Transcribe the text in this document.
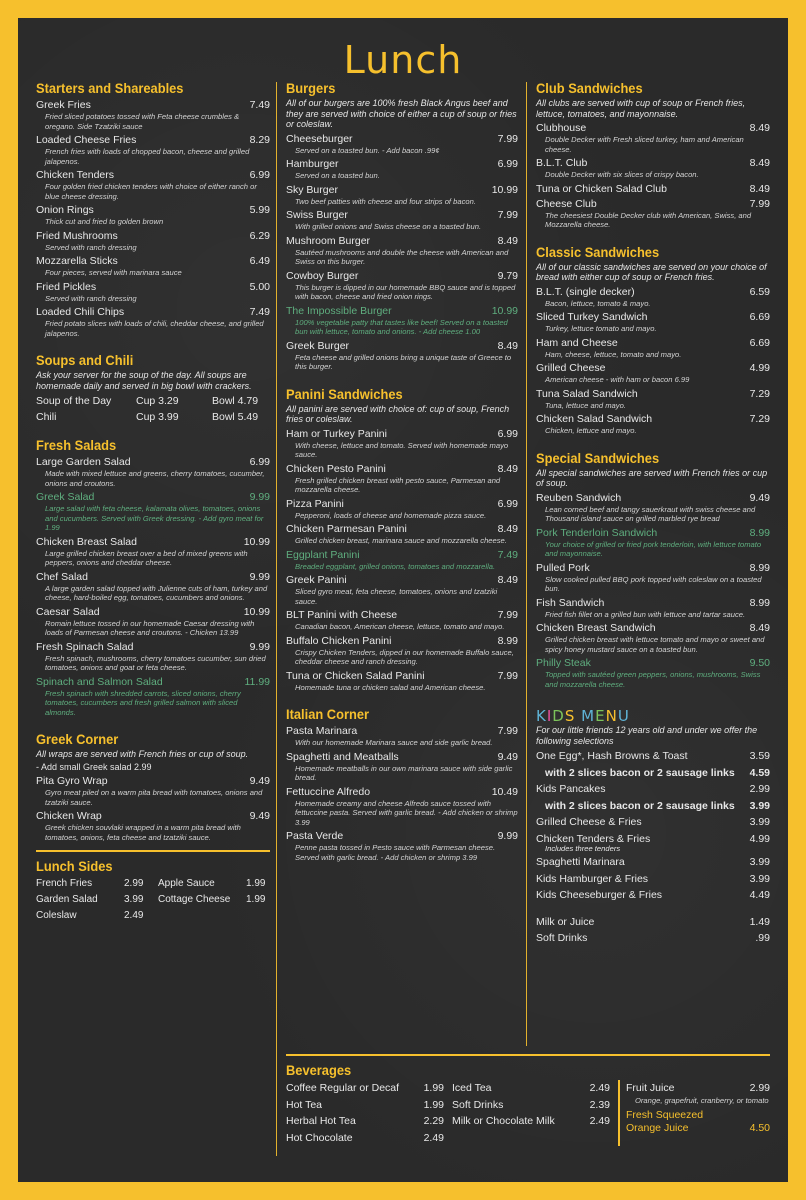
Lunch
Starters and Shareables
Greek Fries	7.49
Fried sliced potatoes tossed with Feta cheese crumbles & oregano. Side Tzatziki sauce
Loaded Cheese Fries	8.29
French fries with loads of chopped bacon, cheese and grilled jalapenos.
Chicken Tenders	6.99
Four golden fried chicken tenders with choice of either ranch or blue cheese dressing.
Onion Rings	5.99
Thick cut and fried to golden brown
Fried Mushrooms	6.29
Served with ranch dressing
Mozzarella Sticks	6.49
Four pieces, served with marinara sauce
Fried Pickles	5.00
Served with ranch dressing
Loaded Chili Chips	7.49
Fried potato slices with loads of chili, cheddar cheese, and grilled jalapenos.
Soups and Chili
Ask your server for the soup of the day. All soups are homemade daily and served in big bowl with crackers.
Soup of the Day	Cup 3.29	Bowl 4.79
Chili	Cup 3.99	Bowl 5.49
Fresh Salads
Large Garden Salad	6.99
Made with mixed lettuce and greens, cherry tomatoes, cucumber, onions and croutons.
Greek Salad	9.99
Large salad with feta cheese, kalamata olives, tomatoes, onions and cucumbers. Served with Greek dressing. - Add gyro meat for 1.99
Chicken Breast Salad	10.99
Large grilled chicken breast over a bed of mixed greens with peppers, onions and cheddar cheese.
Chef Salad	9.99
A large garden salad topped with Julienne cuts of ham, turkey and cheese, hard-boiled egg, tomatoes, cucumbers and onions.
Caesar Salad	10.99
Romain lettuce tossed in our homemade Caesar dressing with loads of Parmesan cheese and croutons. - Chicken 13.99
Fresh Spinach Salad	9.99
Fresh spinach, mushrooms, cherry tomatoes cucumber, sun dried tomatoes, onions and goat or feta cheese.
Spinach and Salmon Salad	11.99
Fresh spinach with shredded carrots, sliced onions, cherry tomatoes, cucumbers and fresh grilled salmon with sliced almonds.
Greek Corner
All wraps are served with French fries or cup of soup.
- Add small Greek salad 2.99
Pita Gyro Wrap	9.49
Gyro meat piled on a warm pita bread with tomatoes, onions and tzatziki sauce.
Chicken Wrap	9.49
Greek chicken souvlaki wrapped in a warm pita bread with tomatoes, onions, feta cheese and tzatziki sauce.
Lunch Sides
French Fries	2.99	Apple Sauce	1.99
Garden Salad	3.99	Cottage Cheese	1.99
Coleslaw	2.49
Burgers
All of our burgers are 100% fresh Black Angus beef and they are served with choice of either a cup of soup or fries or coleslaw.
Cheeseburger	7.99
Served on a toasted bun. - Add bacon .99¢
Hamburger	6.99
Served on a toasted bun.
Sky Burger	10.99
Two beef patties with cheese and four strips of bacon.
Swiss Burger	7.99
With grilled onions and Swiss cheese on a toasted bun.
Mushroom Burger	8.49
Sautéed mushrooms and double the cheese with American and Swiss on this burger.
Cowboy Burger	9.79
This burger is dipped in our homemade BBQ sauce and is topped with bacon, cheese and fried onion rings.
The Impossible Burger	10.99
100% vegetable patty that tastes like beef! Served on a toasted bun with lettuce, tomato and onions. - Add cheese 1.00
Greek Burger	8.49
Feta cheese and grilled onions bring a unique taste of Greece to this burger.
Panini Sandwiches
All panini are served with choice of: cup of soup, French fries or coleslaw.
Ham or Turkey Panini	6.99
With cheese, lettuce and tomato. Served with homemade mayo sauce.
Chicken Pesto Panini	8.49
Fresh grilled chicken breast with pesto sauce, Parmesan and mozzarella cheese.
Pizza Panini	6.99
Pepperoni, loads of cheese and homemade pizza sauce.
Chicken Parmesan Panini	8.49
Grilled chicken breast, marinara sauce and mozzarella cheese.
Eggplant Panini	7.49
Breaded eggplant, grilled onions, tomatoes and mozzarella.
Greek Panini	8.49
Sliced gyro meat, feta cheese, tomatoes, onions and tzatziki sauce.
BLT Panini with Cheese	7.99
Canadian bacon, American cheese, lettuce, tomato and mayo.
Buffalo Chicken Panini	8.99
Crispy Chicken Tenders, dipped in our homemade Buffalo sauce, cheddar cheese and ranch dressing.
Tuna or Chicken Salad Panini	7.99
Homemade tuna or chicken salad and American cheese.
Italian Corner
Pasta Marinara	7.99
With our homemade Marinara sauce and side garlic bread.
Spaghetti and Meatballs	9.49
Homemade meatballs in our own marinara sauce with side garlic bread.
Fettuccine Alfredo	10.49
Homemade creamy and cheese Alfredo sauce tossed with fettuccine pasta. Served with garlic bread. - Add chicken or shrimp 3.99
Pasta Verde	9.99
Penne pasta tossed in Pesto sauce with Parmesan cheese. Served with garlic bread. - Add chicken or shrimp 3.99
Club Sandwiches
All clubs are served with cup of soup or French fries, lettuce, tomatoes, and mayonnaise.
Clubhouse	8.49
Double Decker with Fresh sliced turkey, ham and American cheese.
B.L.T. Club	8.49
Double Decker with six slices of crispy bacon.
Tuna or Chicken Salad Club	8.49
Cheese Club	7.99
The cheesiest Double Decker club with American, Swiss, and Mozzarella cheese.
Classic Sandwiches
All of our classic sandwiches are served on your choice of bread with either cup of soup or French fries.
B.L.T. (single decker)	6.59
Bacon, lettuce, tomato & mayo.
Sliced Turkey Sandwich	6.69
Turkey, lettuce tomato and mayo.
Ham and Cheese	6.69
Ham, cheese, lettuce, tomato and mayo.
Grilled Cheese	4.99
American cheese - with ham or bacon 6.99
Tuna Salad Sandwich	7.29
Tuna, lettuce and mayo.
Chicken Salad Sandwich	7.29
Chicken, lettuce and mayo.
Special Sandwiches
All special sandwiches are served with French fries or cup of soup.
Reuben Sandwich	9.49
Lean corned beef and tangy sauerkraut with swiss cheese and Thousand island sauce on grilled marbled rye bread
Pork Tenderloin Sandwich	8.99
Your choice of grilled or fried pork tenderloin, with lettuce tomato and mayonnaise.
Pulled Pork	8.99
Slow cooked pulled BBQ pork topped with coleslaw on a toasted bun.
Fish Sandwich	8.99
Fried fish fillet on a grilled bun with lettuce and tartar sauce.
Chicken Breast Sandwich	8.49
Grilled chicken breast with lettuce tomato and mayo or sweet and spicy honey mustard sauce on a toasted bun.
Philly Steak	9.50
Topped with sautéed green peppers, onions, mushrooms, Swiss and mozzarella cheese.
KIDS MENU
For our little friends 12 years old and under we offer the following selections
One Egg*, Hash Browns & Toast	3.59
with 2 slices bacon or 2 sausage links 4.59
Kids Pancakes	2.99
with 2 slices bacon or 2 sausage links 3.99
Grilled Cheese & Fries	3.99
Chicken Tenders & Fries	4.99
Includes three tenders
Spaghetti Marinara	3.99
Kids Hamburger & Fries	3.99
Kids Cheeseburger & Fries	4.49
Milk or Juice	1.49
Soft Drinks	.99
Beverages
Coffee Regular or Decaf 1.99
Hot Tea	1.99
Herbal Hot Tea	2.29
Hot Chocolate	2.49
Iced Tea	2.49
Soft Drinks	2.39
Milk or Chocolate Milk	2.49
Fruit Juice	2.99
Orange, grapefruit, cranberry, or tomato
Fresh Squeezed
Orange Juice	4.50
